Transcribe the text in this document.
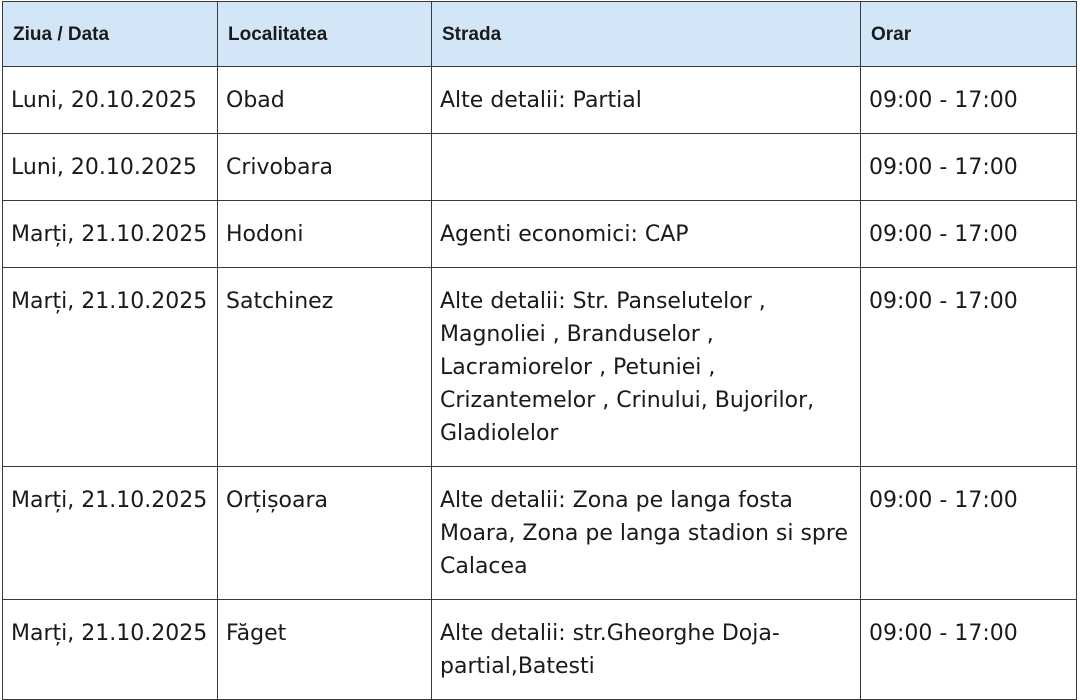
Ziua / Data	Localitatea	Strada	Orar
Luni, 20.10.2025	Obad	Alte detalii: Partial	09:00 - 17:00
Luni, 20.10.2025	Crivobara		09:00 - 17:00
Marți, 21.10.2025	Hodoni	Agenti economici: CAP	09:00 - 17:00
Marți, 21.10.2025	Satchinez	Alte detalii: Str. Panselutelor , Magnoliei , Branduselor , Lacramiorelor , Petuniei , Crizantemelor , Crinului, Bujorilor, Gladiolelor	09:00 - 17:00
Marți, 21.10.2025	Orțișoara	Alte detalii: Zona pe langa fosta Moara, Zona pe langa stadion si spre Calacea	09:00 - 17:00
Marți, 21.10.2025	Făget	Alte detalii: str.Gheorghe Doja-partial,Batesti	09:00 - 17:00
